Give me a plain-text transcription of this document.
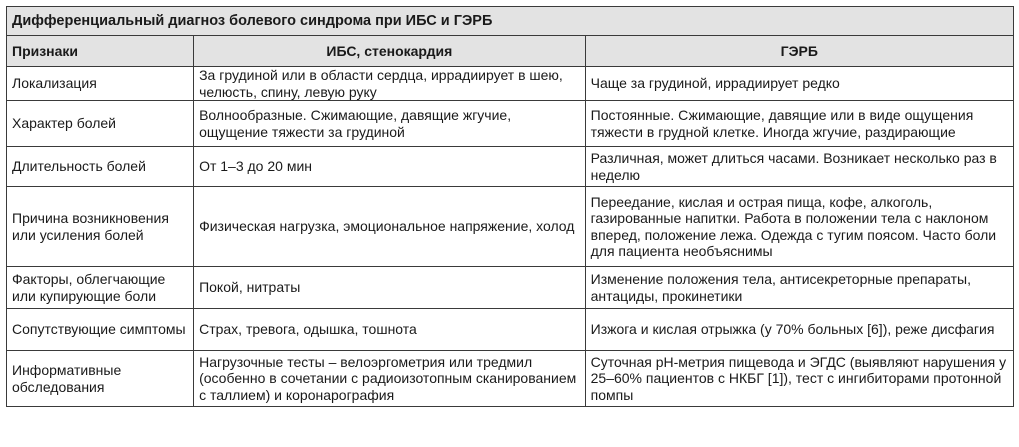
Дифференциальный диагноз болевого синдрома при ИБС и ГЭРБ		
Признаки	ИБС, стенокардия	ГЭРБ
Локализация	За грудиной или в области сердца, иррадиирует в шею, челюсть, спину, левую руку	Чаще за грудиной, иррадиирует редко
Характер болей	Волнообразные. Сжимающие, давящие жгучие, ощущение тяжести за грудиной	Постоянные. Сжимающие, давящие или в виде ощущения тяжести в грудной клетке. Иногда жгучие, раздирающие
Длительность болей	От 1–3 до 20 мин	Различная, может длиться часами. Возникает несколько раз в неделю
Причина возникновения или усиления болей	Физическая нагрузка, эмоциональное напряжение, холод	Переедание, кислая и острая пища, кофе, алкоголь, газированные напитки. Работа в положении тела с наклоном вперед, положение лежа. Одежда с тугим поясом. Часто боли для пациента необъяснимы
Факторы, облегчающие или купирующие боли	Покой, нитраты	Изменение положения тела, антисекреторные препараты, антациды, прокинетики
Сопутствующие симптомы	Страх, тревога, одышка, тошнота	Изжога и кислая отрыжка (у 70% больных [6]), реже дисфагия
Информативные обследования	Нагрузочные тесты – велоэргометрия или тредмил (особенно в сочетании с радиоизотопным сканированием с таллием) и коронарография	Суточная рН-метрия пищевода и ЭГДС (выявляют нарушения у 25–60% пациентов с НКБГ [1]), тест с ингибиторами протонной помпы
